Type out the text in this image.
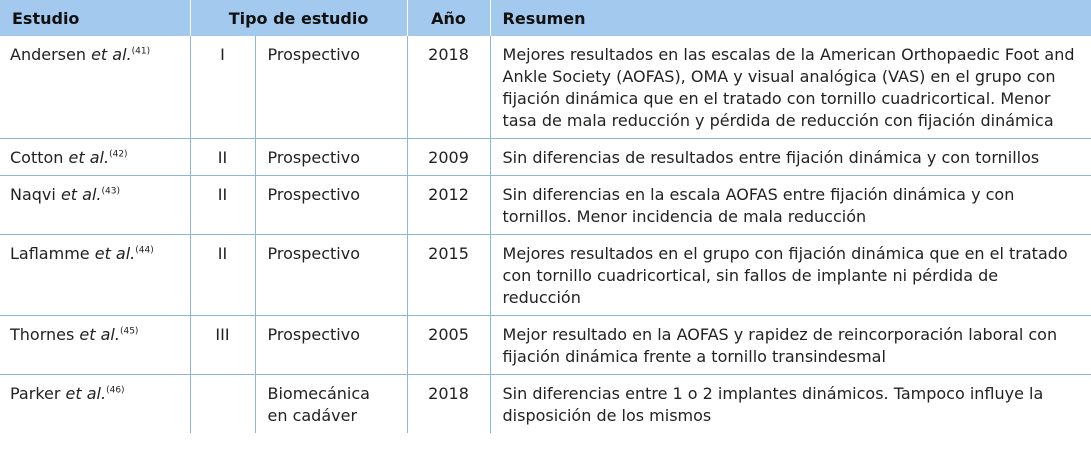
Estudio	Tipo de estudio		Año	Resumen
Andersen et al.$^{(41)}$	I	Prospectivo	2018	Mejores resultados en las escalas de la American Orthopaedic Foot and Ankle Society (AOFAS), OMA y visual analógica (VAS) en el grupo con fijación dinámica que en el tratado con tornillo cuadricortical. Menor tasa de mala reducción y pérdida de reducción con fijación dinámica
Cotton et al.$^{(42)}$	II	Prospectivo	2009	Sin diferencias de resultados entre fijación dinámica y con tornillos
Naqvi et al.$^{(43)}$	II	Prospectivo	2012	Sin diferencias en la escala AOFAS entre fijación dinámica y con tornillos. Menor incidencia de mala reducción
Laflamme et al.$^{(44)}$	II	Prospectivo	2015	Mejores resultados en el grupo con fijación dinámica que en el tratado con tornillo cuadricortical, sin fallos de implante ni pérdida de reducción
Thornes et al.$^{(45)}$	III	Prospectivo	2005	Mejor resultado en la AOFAS y rapidez de reincorporación laboral con fijación dinámica frente a tornillo transindesmal
Parker et al.$^{(46)}$		Biomecánica en cadáver	2018	Sin diferencias entre 1 o 2 implantes dinámicos. Tampoco influye la disposición de los mismos
